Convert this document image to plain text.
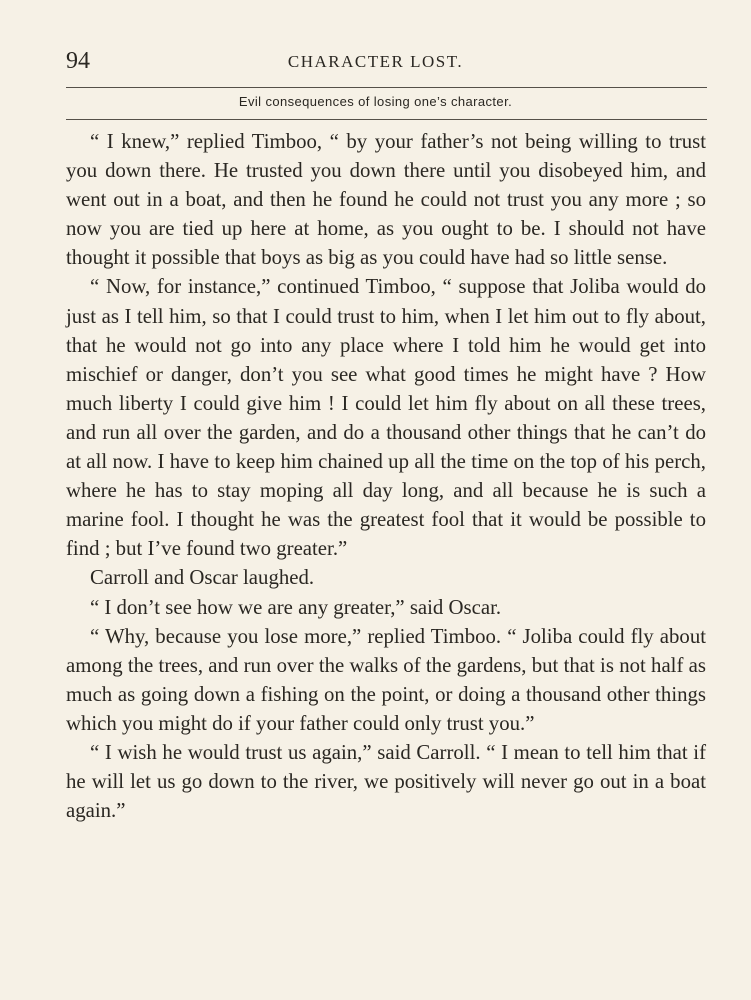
94	CHARACTER LOST.
Evil consequences of losing one’s character.

“ I knew,” replied Timboo, “ by your father’s not being willing to trust you down there. He trusted you down there until you disobeyed him, and went out in a boat, and then he found he could not trust you any more ; so now you are tied up here at home, as you ought to be. I should not have thought it possible that boys as big as you could have had so little sense.

“ Now, for instance,” continued Timboo, “ suppose that Joliba would do just as I tell him, so that I could trust to him, when I let him out to fly about, that he would not go into any place where I told him he would get into mischief or danger, don’t you see what good times he might have ? How much liberty I could give him ! I could let him fly about on all these trees, and run all over the garden, and do a thousand other things that he can’t do at all now. I have to keep him chained up all the time on the top of his perch, where he has to stay moping all day long, and all because he is such a marine fool. I thought he was the greatest fool that it would be possible to find ; but I’ve found two greater.”

Carroll and Oscar laughed.

“ I don’t see how we are any greater,” said Oscar.

“ Why, because you lose more,” replied Timboo. “ Joliba could fly about among the trees, and run over the walks of the gardens, but that is not half as much as going down a fishing on the point, or doing a thousand other things which you might do if your father could only trust you.”

“ I wish he would trust us again,” said Carroll. “ I mean to tell him that if he will let us go down to the river, we positively will never go out in a boat again.”
